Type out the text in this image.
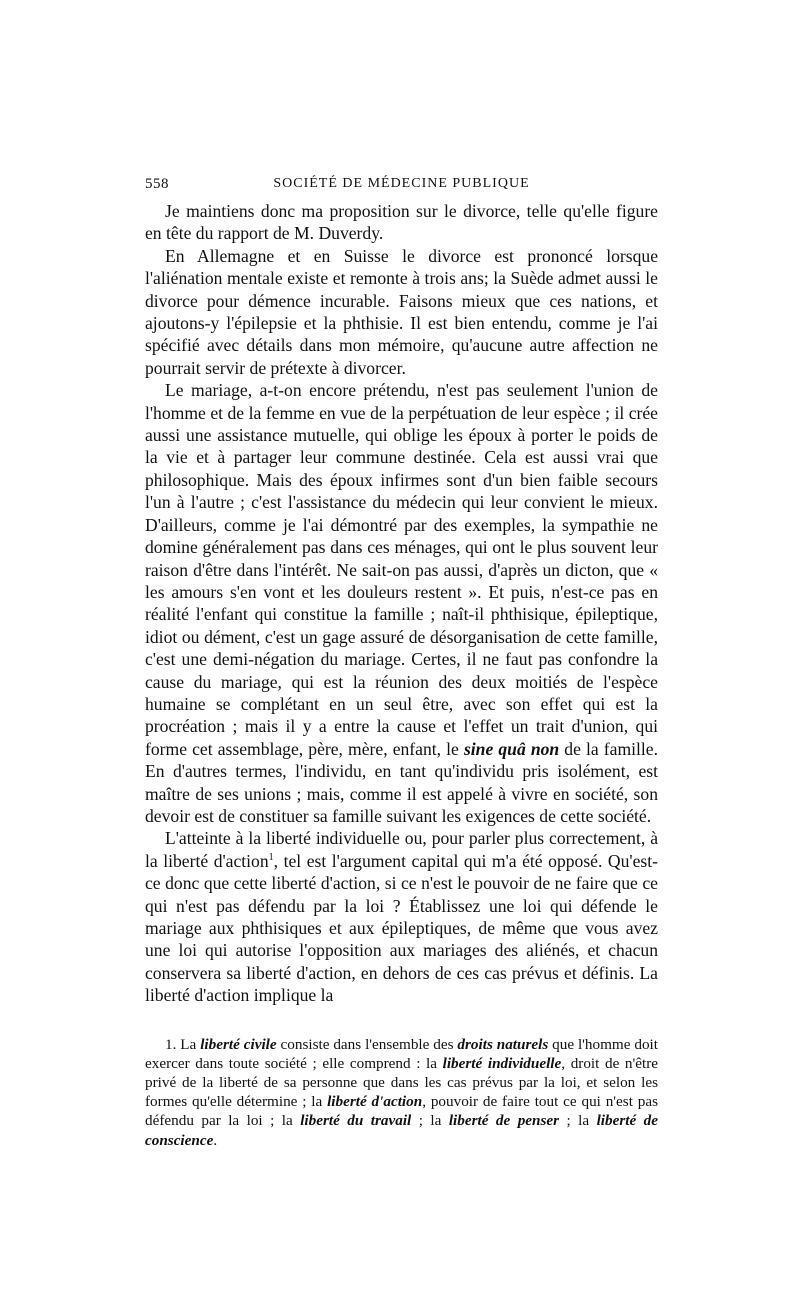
558	SOCIÉTÉ DE MÉDECINE PUBLIQUE

Je maintiens donc ma proposition sur le divorce, telle qu'elle figure en tête du rapport de M. Duverdy.

En Allemagne et en Suisse le divorce est prononcé lorsque l'aliénation mentale existe et remonte à trois ans; la Suède admet aussi le divorce pour démence incurable. Faisons mieux que ces nations, et ajoutons-y l'épilepsie et la phthisie. Il est bien entendu, comme je l'ai spécifié avec détails dans mon mémoire, qu'aucune autre affection ne pourrait servir de prétexte à divorcer.

Le mariage, a-t-on encore prétendu, n'est pas seulement l'union de l'homme et de la femme en vue de la perpétuation de leur espèce ; il crée aussi une assistance mutuelle, qui oblige les époux à porter le poids de la vie et à partager leur commune destinée. Cela est aussi vrai que philosophique. Mais des époux infirmes sont d'un bien faible secours l'un à l'autre ; c'est l'assistance du médecin qui leur convient le mieux. D'ailleurs, comme je l'ai démontré par des exemples, la sympathie ne domine généralement pas dans ces ménages, qui ont le plus souvent leur raison d'être dans l'intérêt. Ne sait-on pas aussi, d'après un dicton, que « les amours s'en vont et les douleurs restent ». Et puis, n'est-ce pas en réalité l'enfant qui constitue la famille ; naît-il phthisique, épileptique, idiot ou dément, c'est un gage assuré de désorganisation de cette famille, c'est une demi-négation du mariage. Certes, il ne faut pas confondre la cause du mariage, qui est la réunion des deux moitiés de l'espèce humaine se complétant en un seul être, avec son effet qui est la procréation ; mais il y a entre la cause et l'effet un trait d'union, qui forme cet assemblage, père, mère, enfant, le sine quâ non de la famille. En d'autres termes, l'individu, en tant qu'individu pris isolément, est maître de ses unions ; mais, comme il est appelé à vivre en société, son devoir est de constituer sa famille suivant les exigences de cette société.

L'atteinte à la liberté individuelle ou, pour parler plus correctement, à la liberté d'action$^1$, tel est l'argument capital qui m'a été opposé. Qu'est-ce donc que cette liberté d'action, si ce n'est le pouvoir de ne faire que ce qui n'est pas défendu par la loi ? Établissez une loi qui défende le mariage aux phthisiques et aux épileptiques, de même que vous avez une loi qui autorise l'opposition aux mariages des aliénés, et chacun conservera sa liberté d'action, en dehors de ces cas prévus et définis. La liberté d'action implique la

1. La liberté civile consiste dans l'ensemble des droits naturels que l'homme doit exercer dans toute société ; elle comprend : la liberté individuelle, droit de n'être privé de la liberté de sa personne que dans les cas prévus par la loi, et selon les formes qu'elle détermine ; la liberté d'action, pouvoir de faire tout ce qui n'est pas défendu par la loi ; la liberté du travail ; la liberté de penser ; la liberté de conscience.
